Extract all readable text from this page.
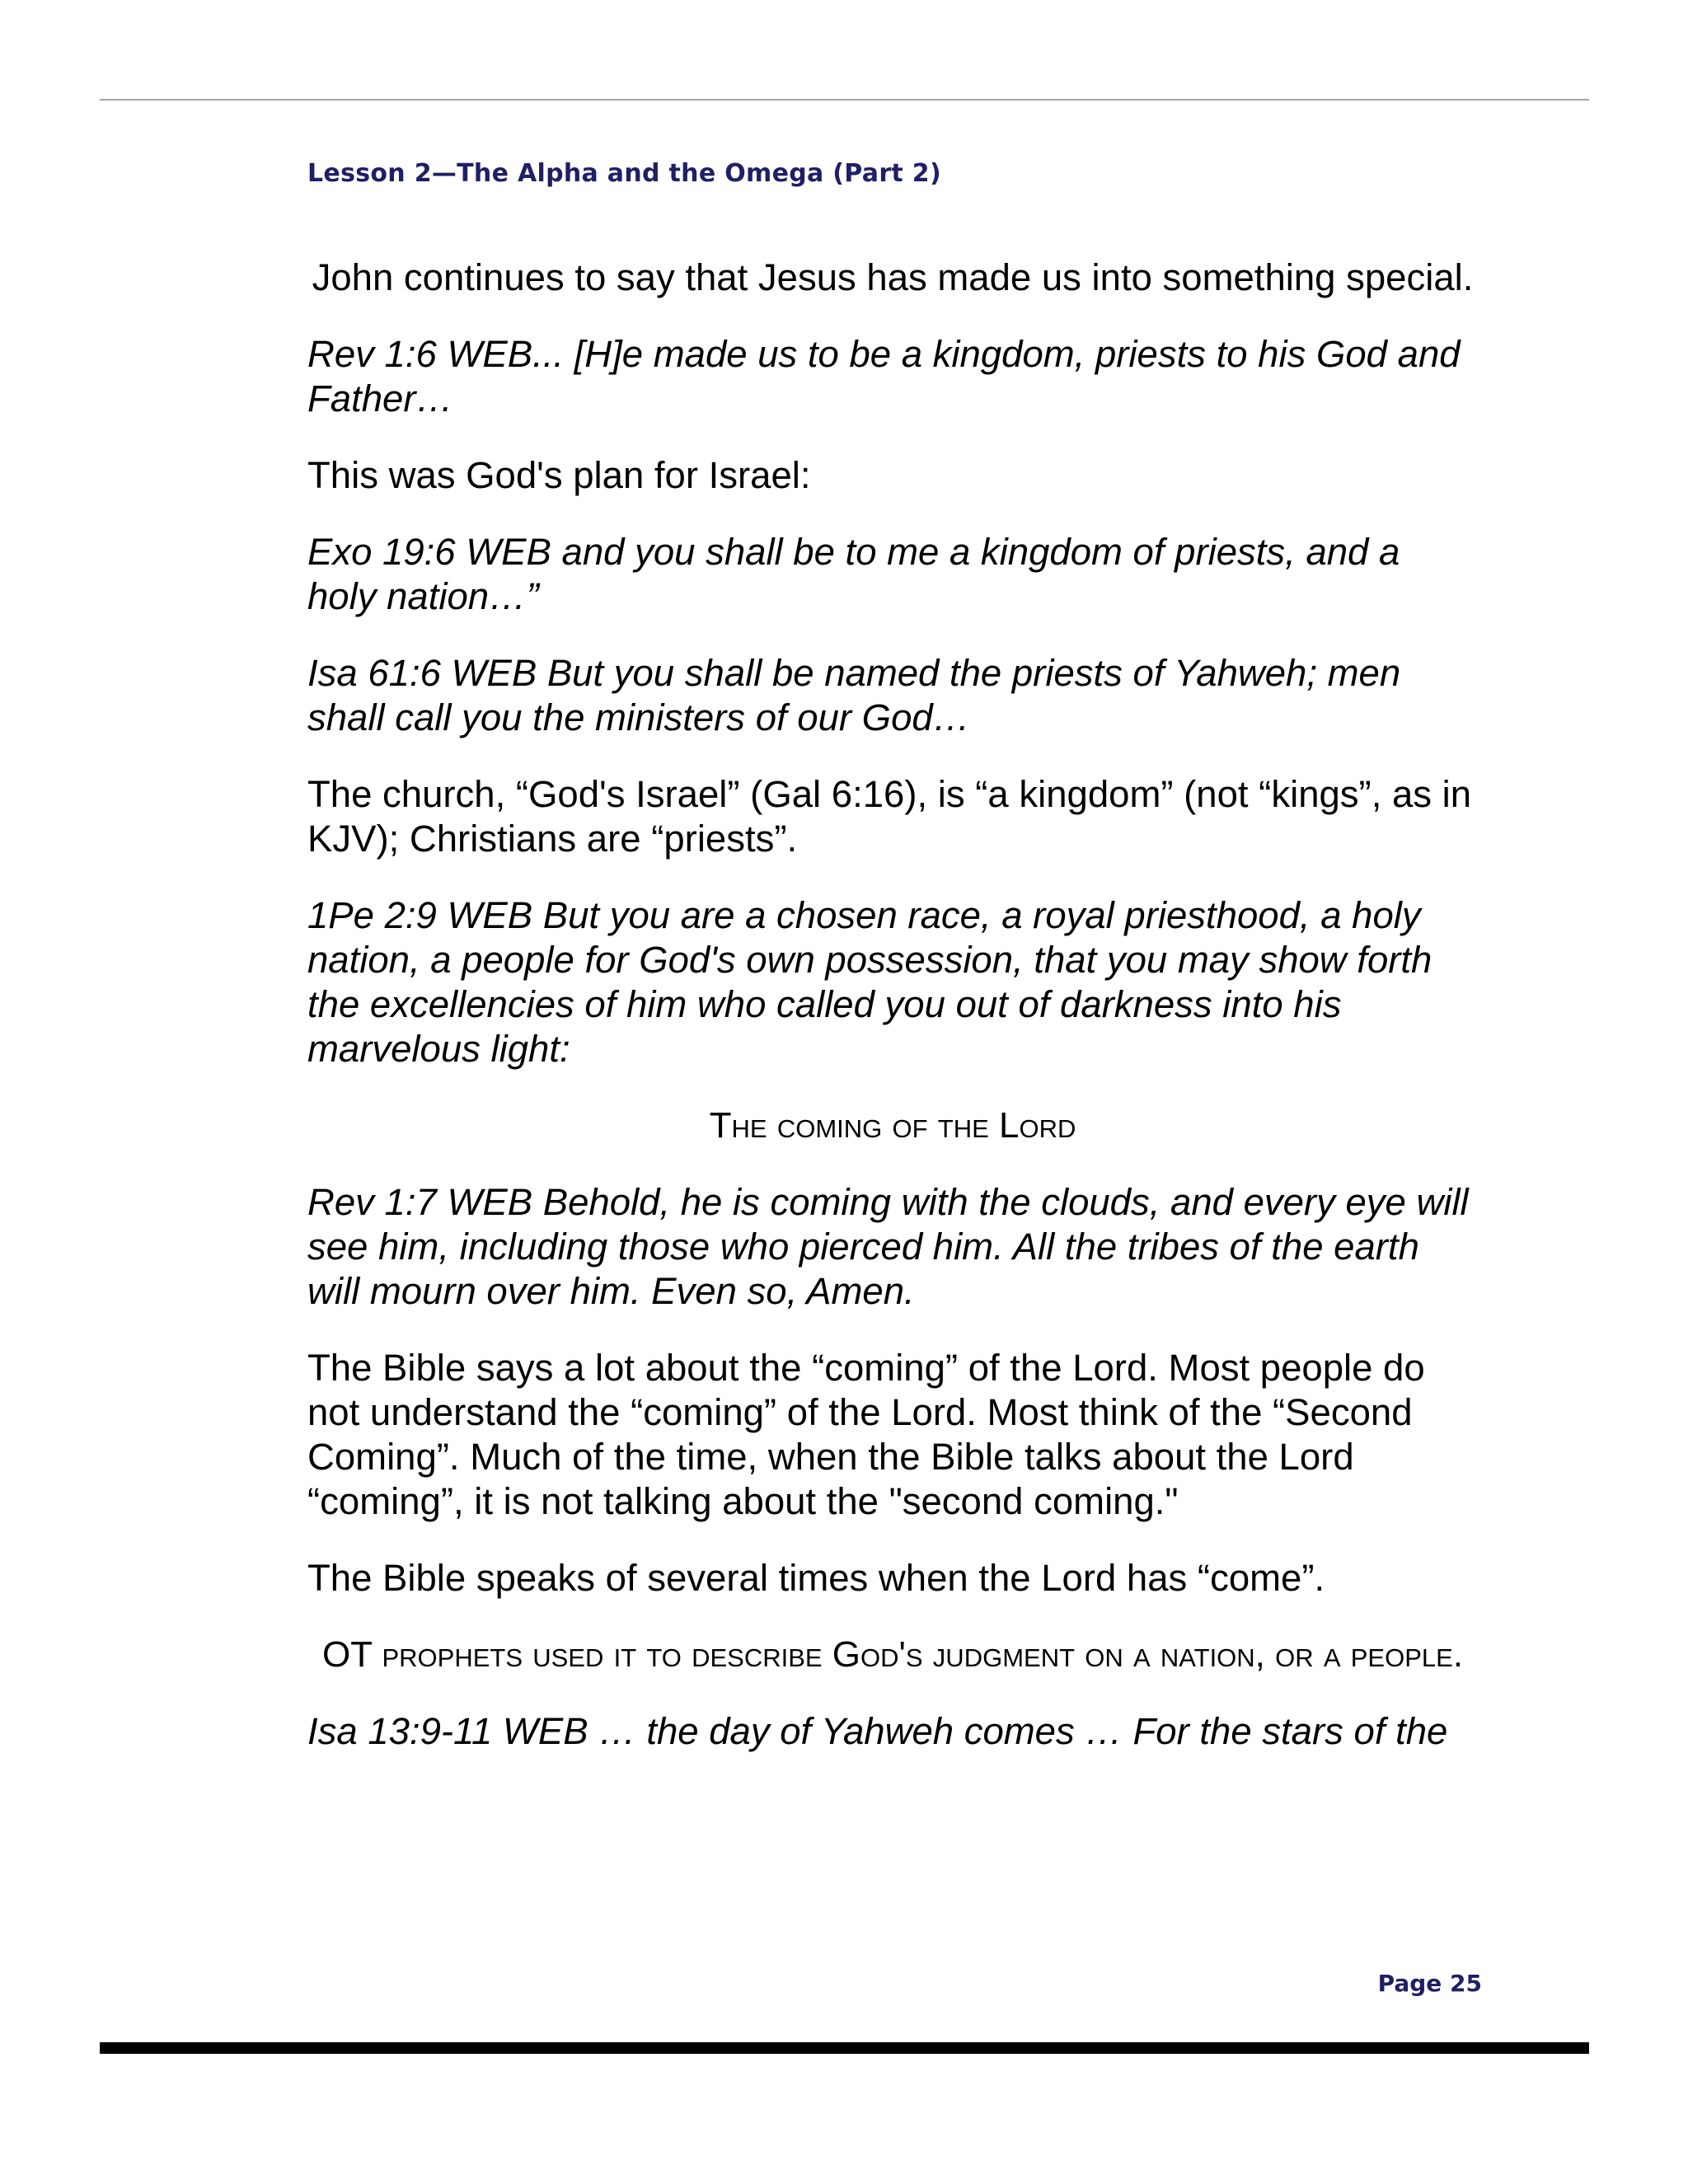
Lesson 2—The Alpha and the Omega (Part 2)

John continues to say that Jesus has made us into something special.

Rev 1:6 WEB... [H]e made us to be a kingdom, priests to his God and Father…

This was God's plan for Israel:

Exo 19:6 WEB and you shall be to me a kingdom of priests, and a holy nation…”

Isa 61:6 WEB But you shall be named the priests of Yahweh; men shall call you the ministers of our God…

The church, “God's Israel” (Gal 6:16), is “a kingdom” (not “kings”, as in KJV); Christians are “priests”.

1Pe 2:9 WEB But you are a chosen race, a royal priesthood, a holy nation, a people for God's own possession, that you may show forth the excellencies of him who called you out of darkness into his marvelous light:

The coming of the Lord

Rev 1:7 WEB Behold, he is coming with the clouds, and every eye will see him, including those who pierced him. All the tribes of the earth will mourn over him. Even so, Amen.

The Bible says a lot about the “coming” of the Lord. Most people do not understand the “coming” of the Lord. Most think of the “Second Coming”. Much of the time, when the Bible talks about the Lord “coming”, it is not talking about the "second coming."

The Bible speaks of several times when the Lord has “come”.

OT prophets used it to describe God's judgment on a nation, or a people.

Isa 13:9-11 WEB … the day of Yahweh comes … For the stars of the

Page 25
